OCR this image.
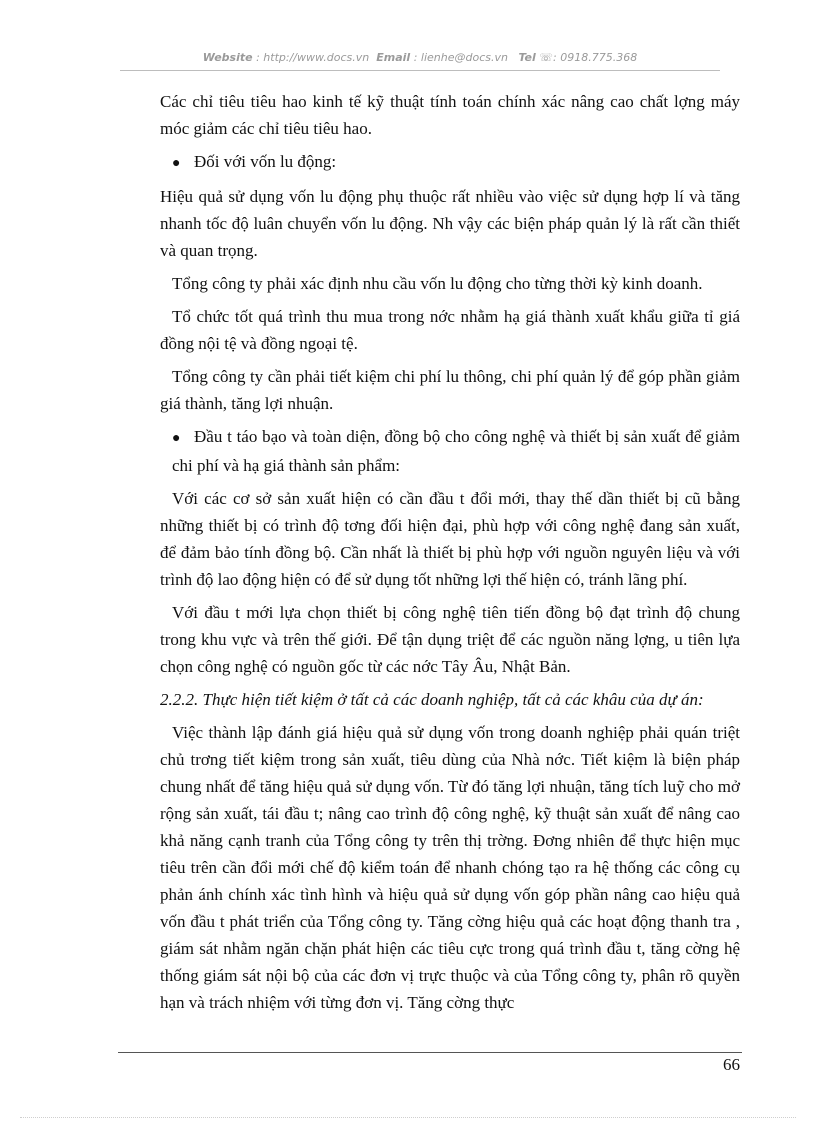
Website : http://www.docs.vn Email : lienhe@docs.vn Tel ☏: 0918.775.368

Các chỉ tiêu tiêu hao kinh tế kỹ thuật tính toán chính xác nâng cao chất lợng máy móc giảm các chỉ tiêu tiêu hao.

● Đối với vốn lu động:

Hiệu quả sử dụng vốn lu động phụ thuộc rất nhiều vào việc sử dụng hợp lí và tăng nhanh tốc độ luân chuyển vốn lu động. Nh vậy các biện pháp quản lý là rất cần thiết và quan trọng.

Tổng công ty phải xác định nhu cầu vốn lu động cho từng thời kỳ kinh doanh.

Tổ chức tốt quá trình thu mua trong nớc nhằm hạ giá thành xuất khẩu giữa tỉ giá đồng nội tệ và đồng ngoại tệ.

Tổng công ty cần phải tiết kiệm chi phí lu thông, chi phí quản lý để góp phần giảm giá thành, tăng lợi nhuận.

● Đầu t táo bạo và toàn diện, đồng bộ cho công nghệ và thiết bị sản xuất để giảm chi phí và hạ giá thành sản phẩm:

Với các cơ sở sản xuất hiện có cần đầu t đổi mới, thay thế dần thiết bị cũ bằng những thiết bị có trình độ tơng đối hiện đại, phù hợp với công nghệ đang sản xuất, để đảm bảo tính đồng bộ. Cần nhất là thiết bị phù hợp với nguồn nguyên liệu và với trình độ lao động hiện có để sử dụng tốt những lợi thế hiện có, tránh lãng phí.

Với đầu t mới lựa chọn thiết bị công nghệ tiên tiến đồng bộ đạt trình độ chung trong khu vực và trên thế giới. Để tận dụng triệt để các nguồn năng lợng, u tiên lựa chọn công nghệ có nguồn gốc từ các nớc Tây Âu, Nhật Bản.

2.2.2. Thực hiện tiết kiệm ở tất cả các doanh nghiệp, tất cả các khâu của dự án:

Việc thành lập đánh giá hiệu quả sử dụng vốn trong doanh nghiệp phải quán triệt chủ trơng tiết kiệm trong sản xuất, tiêu dùng của Nhà nớc. Tiết kiệm là biện pháp chung nhất để tăng hiệu quả sử dụng vốn. Từ đó tăng lợi nhuận, tăng tích luỹ cho mở rộng sản xuất, tái đầu t; nâng cao trình độ công nghệ, kỹ thuật sản xuất để nâng cao khả năng cạnh tranh của Tổng công ty trên thị trờng. Đơng nhiên để thực hiện mục tiêu trên cần đổi mới chế độ kiểm toán để nhanh chóng tạo ra hệ thống các công cụ phản ánh chính xác tình hình và hiệu quả sử dụng vốn góp phần nâng cao hiệu quả vốn đầu t phát triển của Tổng công ty. Tăng cờng hiệu quả các hoạt động thanh tra , giám sát nhằm ngăn chặn phát hiện các tiêu cực trong quá trình đầu t, tăng cờng hệ thống giám sát nội bộ của các đơn vị trực thuộc và của Tổng công ty, phân rõ quyền hạn và trách nhiệm với từng đơn vị. Tăng cờng thực

66
